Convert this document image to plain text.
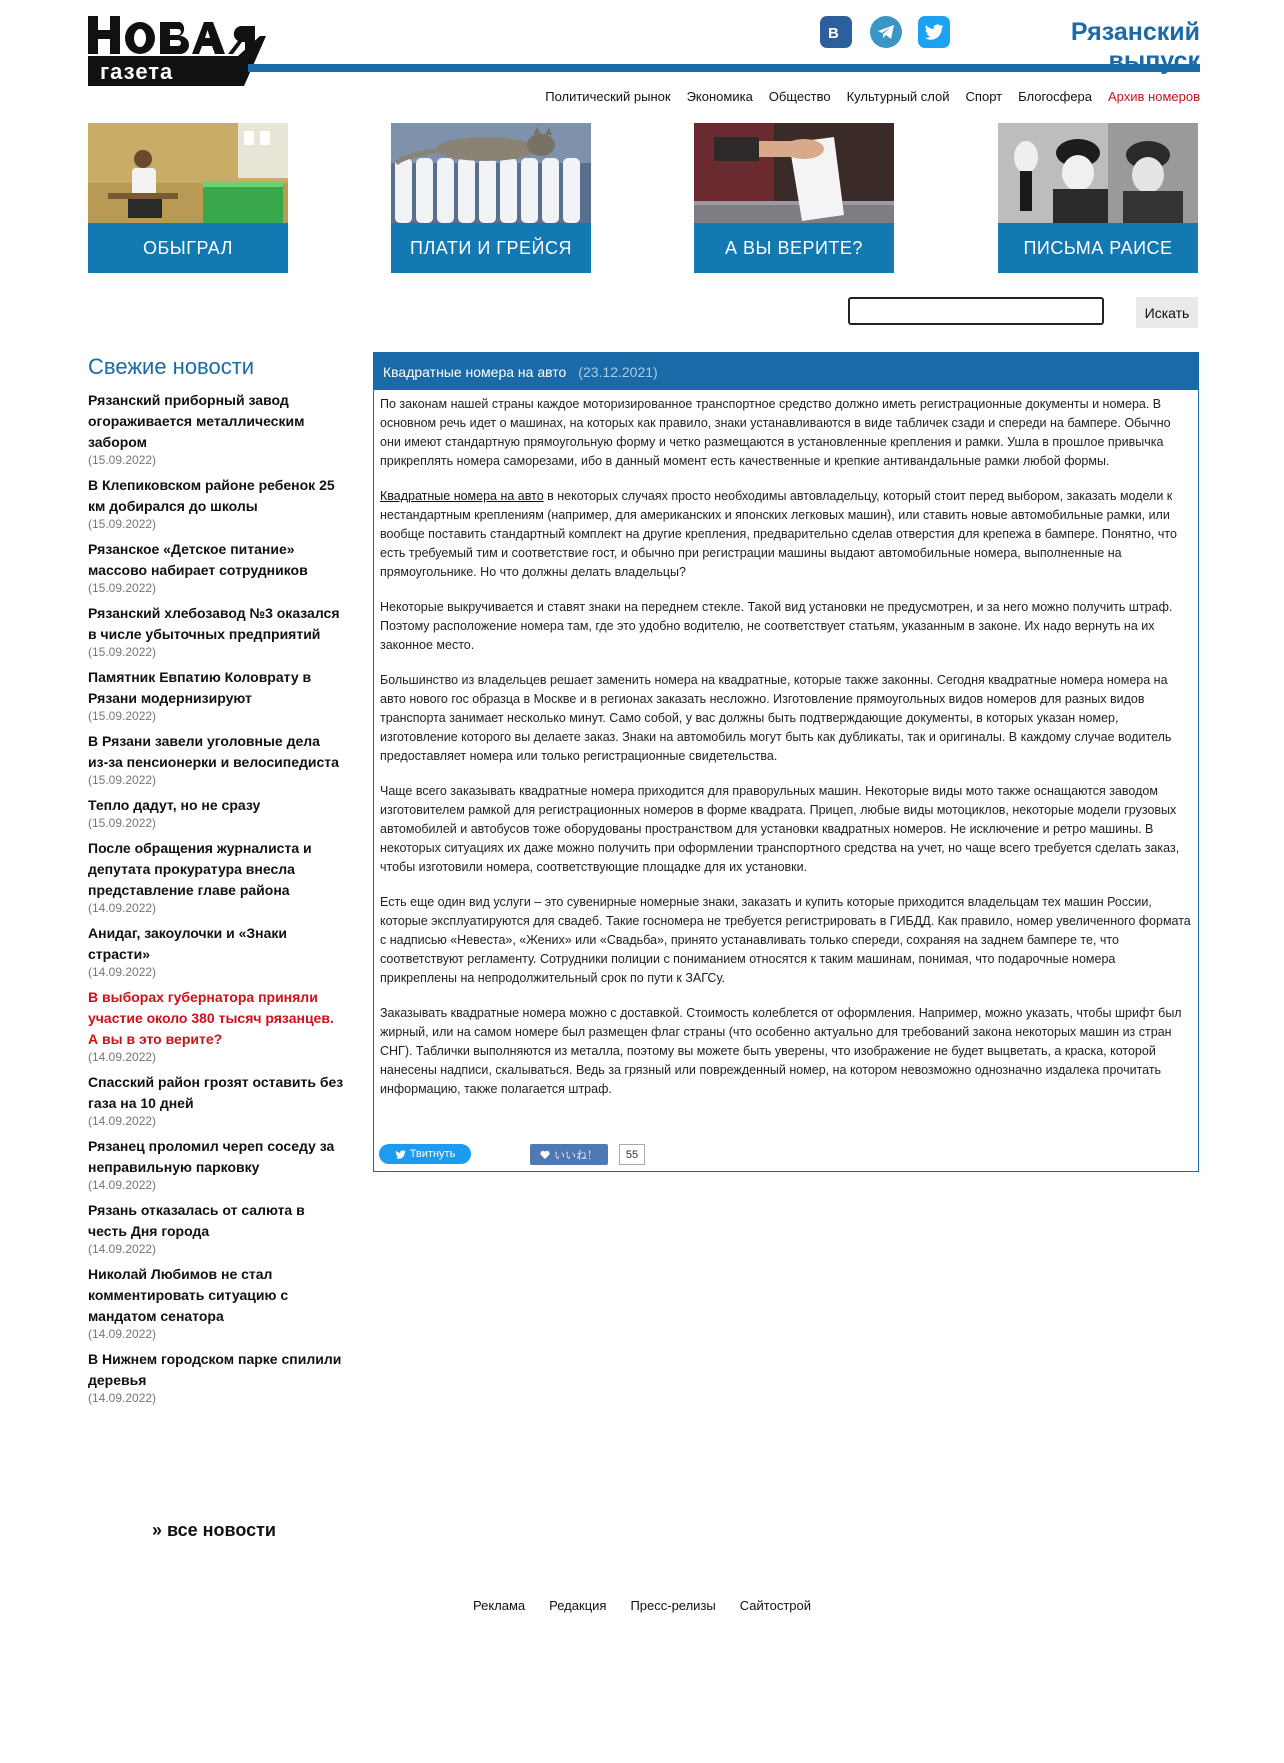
газета
B	Рязанский выпуск
Политический рынок Экономика Общество Культурный слой Спорт Блогосфера Архив номеров
ОБЫГРАЛ	ПЛАТИ И ГРЕЙСЯ	А ВЫ ВЕРИТЕ?	ПИСЬМА РАИСЕ
Искать
Свежие новости
Рязанский приборный завод огораживается металлическим забором
(15.09.2022)
В Клепиковском районе ребенок 25 км добирался до школы
(15.09.2022)
Рязанское «Детское питание» массово набирает сотрудников
(15.09.2022)
Рязанский хлебозавод №3 оказался в числе убыточных предприятий
(15.09.2022)
Памятник Евпатию Коловрату в Рязани модернизируют
(15.09.2022)
В Рязани завели уголовные дела из-за пенсионерки и велосипедиста
(15.09.2022)
Тепло дадут, но не сразу
(15.09.2022)
После обращения журналиста и депутата прокуратура внесла представление главе района
(14.09.2022)
Анидаг, закоулочки и «Знаки страсти»
(14.09.2022)
В выборах губернатора приняли участие около 380 тысяч рязанцев. А вы в это верите?
(14.09.2022)
Спасский район грозят оставить без газа на 10 дней
(14.09.2022)
Рязанец проломил череп соседу за неправильную парковку
(14.09.2022)
Рязань отказалась от салюта в честь Дня города
(14.09.2022)
Николай Любимов не стал комментировать ситуацию с мандатом сенатора
(14.09.2022)
В Нижнем городском парке спилили деревья
(14.09.2022)
» все новости
Квадратные номера на авто (23.12.2021)

По законам нашей страны каждое моторизированное транспортное средство должно иметь регистрационные документы и номера. В основном речь идет о машинах, на которых как правило, знаки устанавливаются в виде табличек сзади и спереди на бампере. Обычно они имеют стандартную прямоугольную форму и четко размещаются в установленные крепления и рамки. Ушла в прошлое привычка прикреплять номера саморезами, ибо в данный момент есть качественные и крепкие антивандальные рамки любой формы.

Квадратные номера на авто в некоторых случаях просто необходимы автовладельцу, который стоит перед выбором, заказать модели к нестандартным креплениям (например, для американских и японских легковых машин), или ставить новые автомобильные рамки, или вообще поставить стандартный комплект на другие крепления, предварительно сделав отверстия для крепежа в бампере. Понятно, что есть требуемый тим и соответствие гост, и обычно при регистрации машины выдают автомобильные номера, выполненные на прямоугольнике. Но что должны делать владельцы?

Некоторые выкручивается и ставят знаки на переднем стекле. Такой вид установки не предусмотрен, и за него можно получить штраф. Поэтому расположение номера там, где это удобно водителю, не соответствует статьям, указанным в законе. Их надо вернуть на их законное место.

Большинство из владельцев решает заменить номера на квадратные, которые также законны. Сегодня квадратные номера номера на авто нового гос образца в Москве и в регионах заказать несложно. Изготовление прямоугольных видов номеров для разных видов транспорта занимает несколько минут. Само собой, у вас должны быть подтверждающие документы, в которых указан номер, изготовление которого вы делаете заказ. Знаки на автомобиль могут быть как дубликаты, так и оригиналы. В каждому случае водитель предоставляет номера или только регистрационные свидетельства.

Чаще всего заказывать квадратные номера приходится для праворульных машин. Некоторые виды мото также оснащаются заводом изготовителем рамкой для регистрационных номеров в форме квадрата. Прицеп, любые виды мотоциклов, некоторые модели грузовых автомобилей и автобусов тоже оборудованы пространством для установки квадратных номеров. Не исключение и ретро машины. В некоторых ситуациях их даже можно получить при оформлении транспортного средства на учет, но чаще всего требуется сделать заказ, чтобы изготовили номера, соответствующие площадке для их установки.

Есть еще один вид услуги – это сувенирные номерные знаки, заказать и купить которые приходится владельцам тех машин России, которые эксплуатируются для свадеб. Такие госномера не требуется регистрировать в ГИБДД. Как правило, номер увеличенного формата с надписью «Невеста», «Жених» или «Свадьба», принято устанавливать только спереди, сохраняя на заднем бампере те, что соответствуют регламенту. Сотрудники полиции с пониманием относятся к таким машинам, понимая, что подарочные номера прикреплены на непродолжительный срок по пути к ЗАГСу.

Заказывать квадратные номера можно с доставкой. Стоимость колеблется от оформления. Например, можно указать, чтобы шрифт был жирный, или на самом номере был размещен флаг страны (что особенно актуально для требований закона некоторых машин из стран СНГ). Таблички выполняются из металла, поэтому вы можете быть уверены, что изображение не будет выцветать, а краска, которой нанесены надписи, скалываться. Ведь за грязный или поврежденный номер, на котором невозможно однозначно издалека прочитать информацию, также полагается штраф.

Твитнуть	いいね！	55
Реклама Редакция Пресс-релизы Сайтострой
